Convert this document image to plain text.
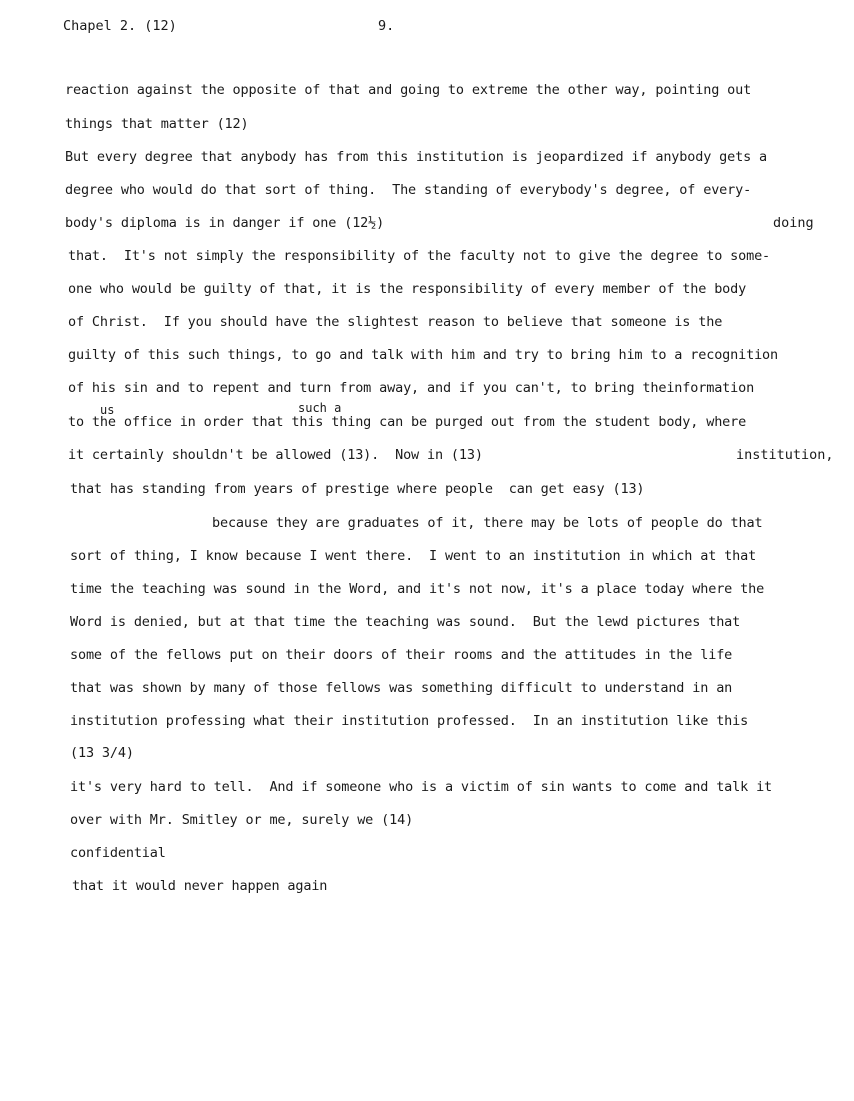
Chapel 2. (12)	9.
reaction against the opposite of that and going to extreme the other way, pointing out
things that matter (12)
But every degree that anybody has from this institution is jeopardized if anybody gets a
degree who would do that sort of thing.  The standing of everybody's degree, of every-
body's diploma is in danger if one (12½)	doing
that.  It's not simply the responsibility of the faculty not to give the degree to some-
one who would be guilty of that, it is the responsibility of every member of the body
of Christ.  If you should have the slightest reason to believe that someone is the
guilty of this such things, to go and talk with him and try to bring him to a recognition
of his sin and to repent and turn from away, and if you can't, to bring theinformation
us	such a
to the office in order that this thing can be purged out from the student body, where
it certainly shouldn't be allowed (13).  Now in (13)	institution,
that has standing from years of prestige where people  can get easy (13)
because they are graduates of it, there may be lots of people do that
sort of thing, I know because I went there.  I went to an institution in which at that
time the teaching was sound in the Word, and it's not now, it's a place today where the
Word is denied, but at that time the teaching was sound.  But the lewd pictures that
some of the fellows put on their doors of their rooms and the attitudes in the life
that was shown by many of those fellows was something difficult to understand in an
institution professing what their institution professed.  In an institution like this
(13 3/4)
it's very hard to tell.  And if someone who is a victim of sin wants to come and talk it
over with Mr. Smitley or me, surely we (14)
confidential
that it would never happen again
